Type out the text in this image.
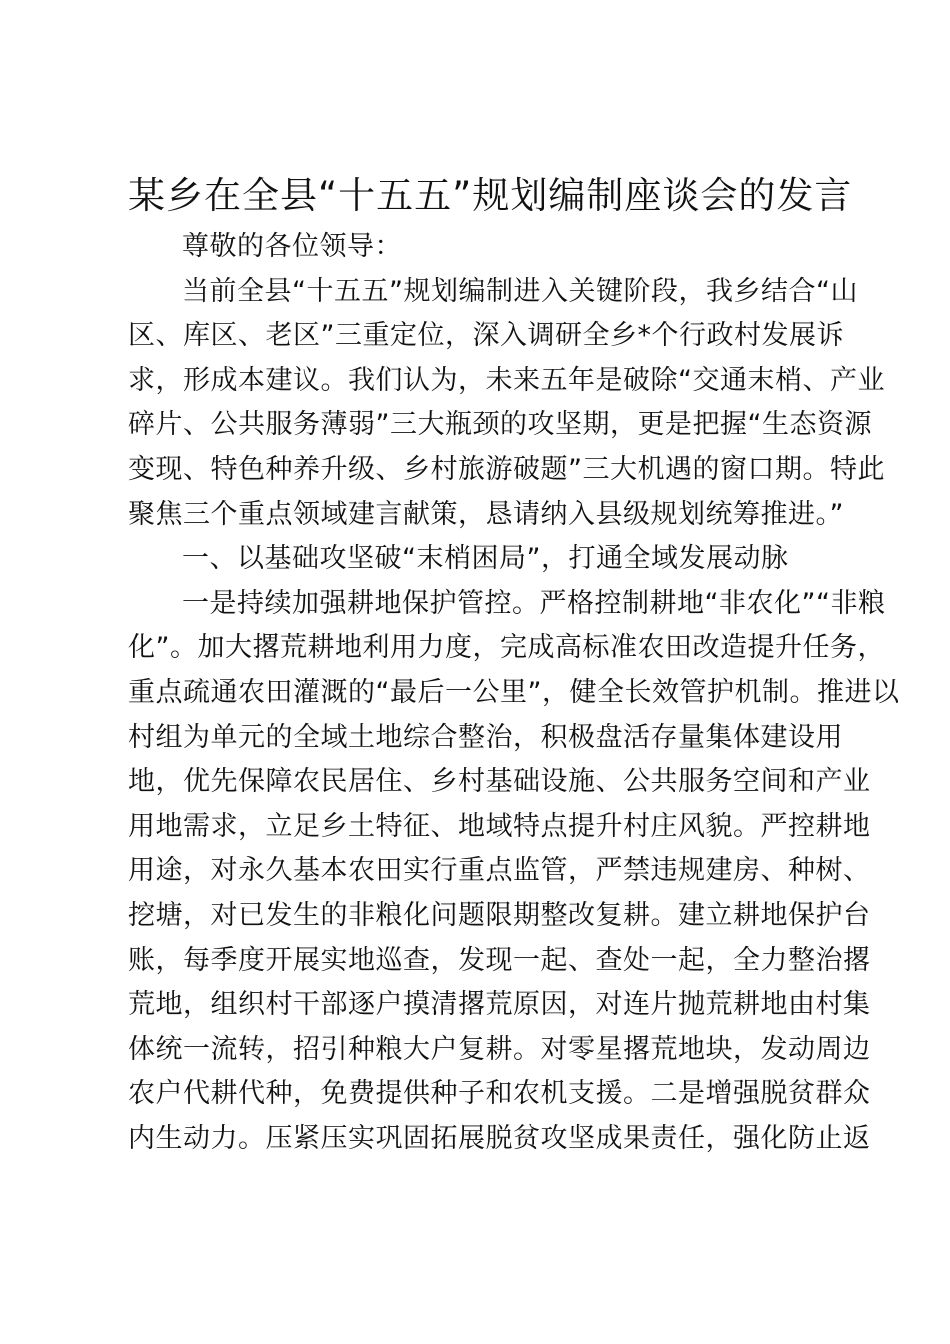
某乡在全县“十五五”规划编制座谈会的发言
尊敬的各位领导：
当前全县“十五五”规划编制进入关键阶段，我乡结合“山
区、库区、老区”三重定位，深入调研全乡*个行政村发展诉
求，形成本建议。我们认为，未来五年是破除“交通末梢、产业
碎片、公共服务薄弱”三大瓶颈的攻坚期，更是把握“生态资源
变现、特色种养升级、乡村旅游破题”三大机遇的窗口期。特此
聚焦三个重点领域建言献策，恳请纳入县级规划统筹推进。”
一、以基础攻坚破“末梢困局”，打通全域发展动脉
一是持续加强耕地保护管控。严格控制耕地“非农化”“非粮
化”。加大撂荒耕地利用力度，完成高标准农田改造提升任务，
重点疏通农田灌溉的“最后一公里”，健全长效管护机制。推进以
村组为单元的全域土地综合整治，积极盘活存量集体建设用
地，优先保障农民居住、乡村基础设施、公共服务空间和产业
用地需求，立足乡土特征、地域特点提升村庄风貌。严控耕地
用途，对永久基本农田实行重点监管，严禁违规建房、种树、
挖塘，对已发生的非粮化问题限期整改复耕。建立耕地保护台
账，每季度开展实地巡查，发现一起、查处一起，全力整治撂
荒地，组织村干部逐户摸清撂荒原因，对连片抛荒耕地由村集
体统一流转，招引种粮大户复耕。对零星撂荒地块，发动周边
农户代耕代种，免费提供种子和农机支援。二是增强脱贫群众
内生动力。压紧压实巩固拓展脱贫攻坚成果责任，强化防止返
